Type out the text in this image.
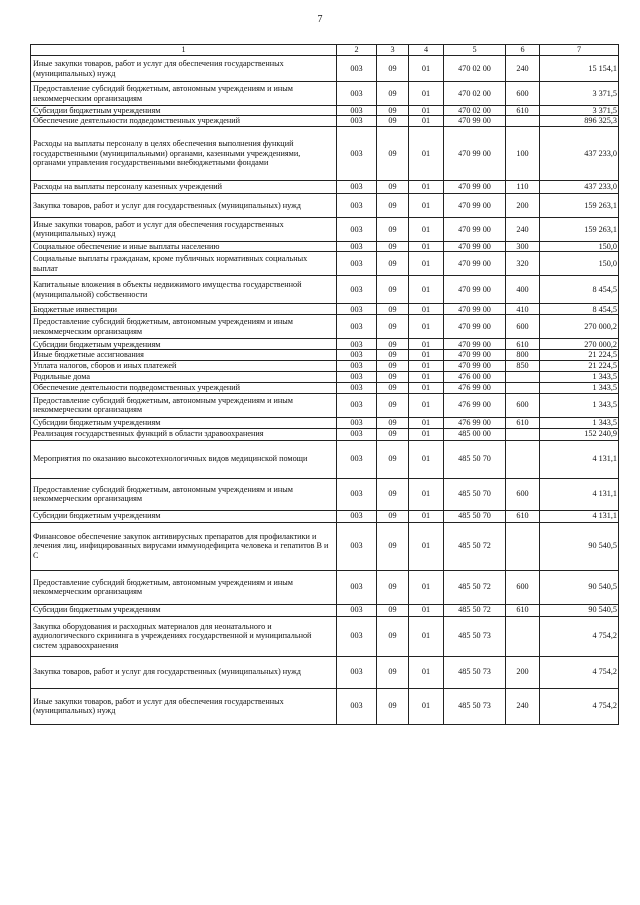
7
1	2	3	4	5	6	7
Иные закупки товаров, работ и услуг для обеспечения государственных (муниципальных) нужд	003	09	01	470 02 00	240	15 154,1
Предоставление субсидий бюджетным, автономным учреждениям и иным некоммерческим организациям	003	09	01	470 02 00	600	3 371,5
Субсидии бюджетным учреждениям	003	09	01	470 02 00	610	3 371,5
Обеспечение деятельности подведомственных учреждений	003	09	01	470 99 00		896 325,3
Расходы на выплаты персоналу в целях обеспечения выполнения функций государственными (муниципальными) органами, казенными учреждениями, органами управления государственными внебюджетными фондами	003	09	01	470 99 00	100	437 233,0
Расходы на выплаты персоналу казенных учреждений	003	09	01	470 99 00	110	437 233,0
Закупка товаров, работ и услуг для государственных (муниципальных) нужд	003	09	01	470 99 00	200	159 263,1
Иные закупки товаров, работ и услуг для обеспечения государственных (муниципальных) нужд	003	09	01	470 99 00	240	159 263,1
Социальное обеспечение и иные выплаты населению	003	09	01	470 99 00	300	150,0
Социальные выплаты гражданам, кроме публичных нормативных социальных выплат	003	09	01	470 99 00	320	150,0
Капитальные вложения в объекты недвижимого имущества государственной (муниципальной) собственности	003	09	01	470 99 00	400	8 454,5
Бюджетные инвестиции	003	09	01	470 99 00	410	8 454,5
Предоставление субсидий бюджетным, автономным учреждениям и иным некоммерческим организациям	003	09	01	470 99 00	600	270 000,2
Субсидии бюджетным учреждениям	003	09	01	470 99 00	610	270 000,2
Иные бюджетные ассигнования	003	09	01	470 99 00	800	21 224,5
Уплата налогов, сборов и иных платежей	003	09	01	470 99 00	850	21 224,5
Родильные дома	003	09	01	476 00 00		1 343,5
Обеспечение деятельности подведомственных учреждений	003	09	01	476 99 00		1 343,5
Предоставление субсидий бюджетным, автономным учреждениям и иным некоммерческим организациям	003	09	01	476 99 00	600	1 343,5
Субсидии бюджетным учреждениям	003	09	01	476 99 00	610	1 343,5
Реализация государственных функций в области здравоохранения	003	09	01	485 00 00		152 240,9
Мероприятия по оказанию высокотехнологичных видов медицинской помощи	003	09	01	485 50 70		4 131,1
Предоставление субсидий бюджетным, автономным учреждениям и иным некоммерческим организациям	003	09	01	485 50 70	600	4 131,1
Субсидии бюджетным учреждениям	003	09	01	485 50 70	610	4 131,1
Финансовое обеспечение закупок антивирусных препаратов для профилактики и лечения лиц, инфицированных вирусами иммунодефицита человека и гепатитов В и С	003	09	01	485 50 72		90 540,5
Предоставление субсидий бюджетным, автономным учреждениям и иным некоммерческим организациям	003	09	01	485 50 72	600	90 540,5
Субсидии бюджетным учреждениям	003	09	01	485 50 72	610	90 540,5
Закупка оборудования и расходных материалов для неонатального и аудиологического скрининга в учреждениях государственной и муниципальной систем здравоохранения	003	09	01	485 50 73		4 754,2
Закупка товаров, работ и услуг для государственных (муниципальных) нужд	003	09	01	485 50 73	200	4 754,2
Иные закупки товаров, работ и услуг для обеспечения государственных (муниципальных) нужд	003	09	01	485 50 73	240	4 754,2
